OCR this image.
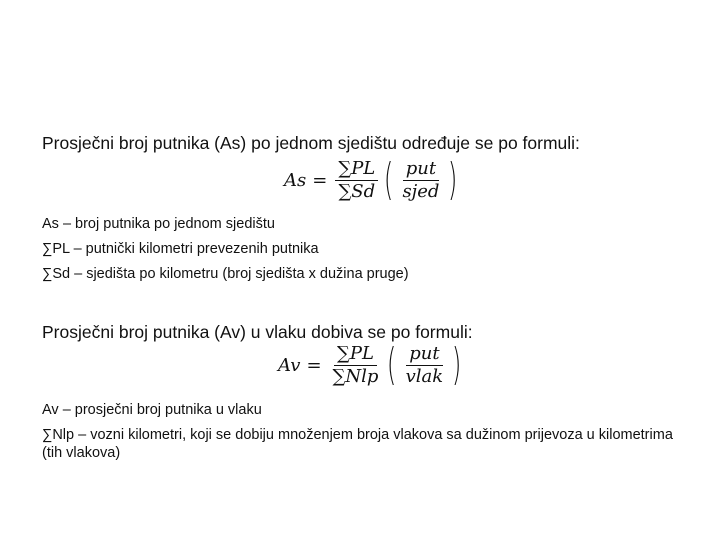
Prosječni broj putnika (As) po jednom sjedištu određuje se po formuli:
$As = \frac{\sum PL}{\sum Sd}$ ( $\frac{\text{put}}{\text{sjed}}$ )
As – broj putnika po jednom sjedištu
∑PL – putnički kilometri prevezenih putnika
∑Sd – sjedišta po kilometru (broj sjedišta x dužina pruge)
Prosječni broj putnika (Av) u vlaku dobiva se po formuli:
$Av = \frac{\sum PL}{\text{∑Nlp}}$ ( $\frac{\text{put}}{\text{vlak}}$ )
Av – prosječni broj putnika u vlaku
∑Nlp – vozni kilometri, koji se dobiju množenjem broja vlakova sa dužinom prijevoza u kilometrima (tih vlakova)
